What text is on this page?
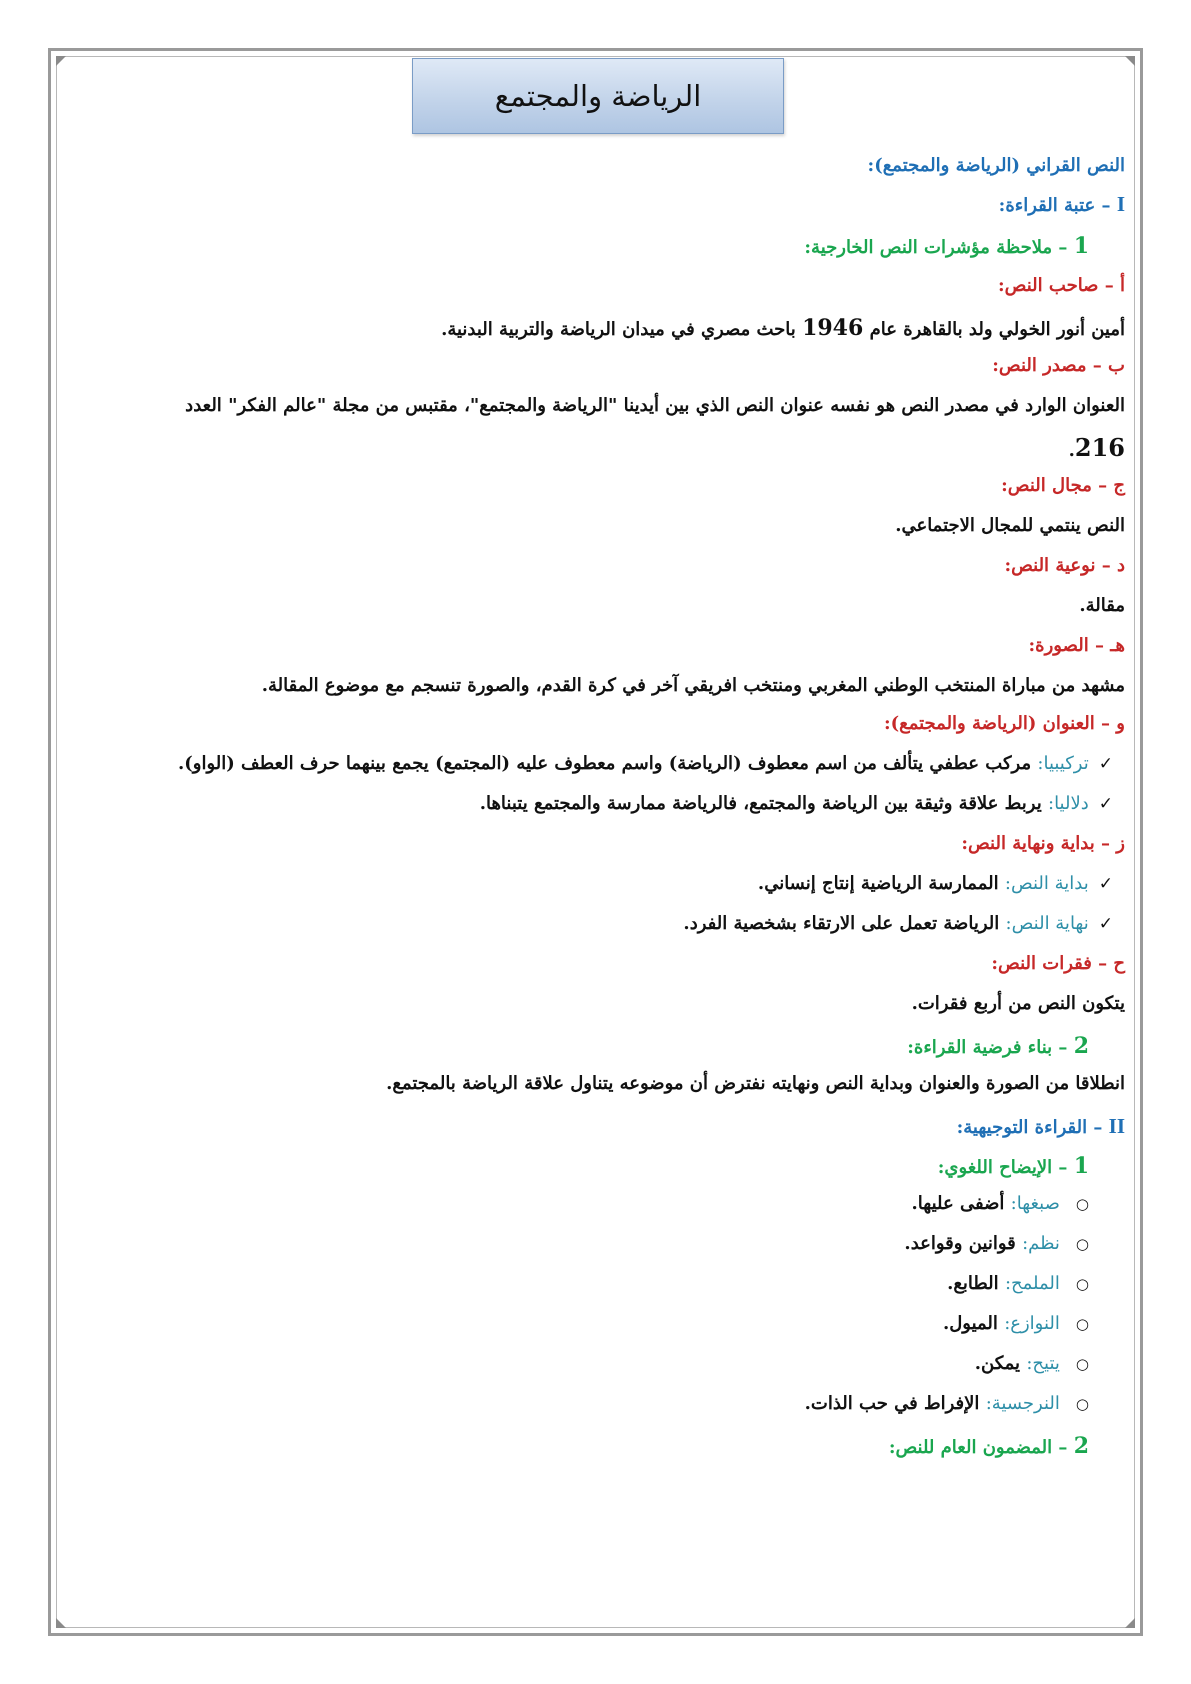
الرياضة والمجتمع
النص القراني (الرياضة والمجتمع):
I – عتبة القراءة:
1 – ملاحظة مؤشرات النص الخارجية:
أ – صاحب النص:
أمين أنور الخولي ولد بالقاهرة عام 1946 باحث مصري في ميدان الرياضة والتربية البدنية.
ب – مصدر النص:
العنوان الوارد في مصدر النص هو نفسه عنوان النص الذي بين أيدينا "الرياضة والمجتمع"، مقتبس من مجلة "عالم الفكر" العدد
216.
ج – مجال النص:
النص ينتمي للمجال الاجتماعي.
د – نوعية النص:
مقالة.
هـ – الصورة:
مشهد من مباراة المنتخب الوطني المغربي ومنتخب افريقي آخر في كرة القدم، والصورة تنسجم مع موضوع المقالة.
و – العنوان (الرياضة والمجتمع):
✓تركيبيا: مركب عطفي يتألف من اسم معطوف (الرياضة) واسم معطوف عليه (المجتمع) يجمع بينهما حرف العطف (الواو).
✓دلاليا: يربط علاقة وثيقة بين الرياضة والمجتمع، فالرياضة ممارسة والمجتمع يتبناها.
ز – بداية ونهاية النص:
✓بداية النص: الممارسة الرياضية إنتاج إنساني.
✓نهاية النص: الرياضة تعمل على الارتقاء بشخصية الفرد.
ح – فقرات النص:
يتكون النص من أربع فقرات.
2 – بناء فرضية القراءة:
انطلاقا من الصورة والعنوان وبداية النص ونهايته نفترض أن موضوعه يتناول علاقة الرياضة بالمجتمع.
II – القراءة التوجيهية:
1 – الإيضاح اللغوي:
○صبغها: أضفى عليها.
○نظم: قوانين وقواعد.
○الملمح: الطابع.
○النوازع: الميول.
○يتيح: يمكن.
○النرجسية: الإفراط في حب الذات.
2 – المضمون العام للنص:
